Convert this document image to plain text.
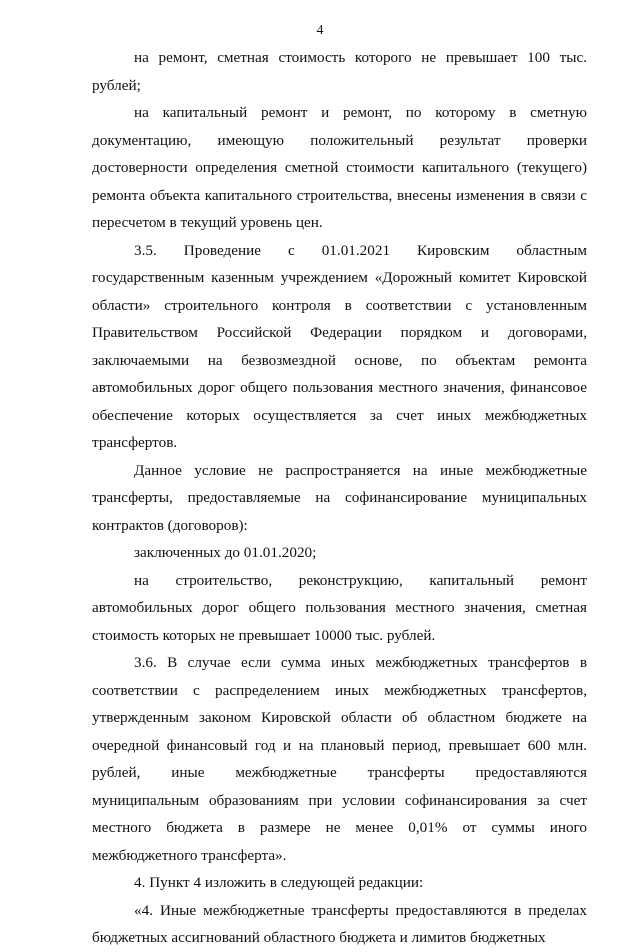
4

на ремонт, сметная стоимость которого не превышает 100 тыс. рублей;

на капитальный ремонт и ремонт, по которому в сметную документацию, имеющую положительный результат проверки достоверности определения сметной стоимости капитального (текущего) ремонта объекта капитального строительства, внесены изменения в связи с пересчетом в текущий уровень цен.

3.5. Проведение с 01.01.2021 Кировским областным государственным казенным учреждением «Дорожный комитет Кировской области» строительного контроля в соответствии с установленным Правительством Российской Федерации порядком и договорами, заключаемыми на безвозмездной основе, по объектам ремонта автомобильных дорог общего пользования местного значения, финансовое обеспечение которых осуществляется за счет иных межбюджетных трансфертов.

Данное условие не распространяется на иные межбюджетные трансферты, предоставляемые на софинансирование муниципальных контрактов (договоров):

заключенных до 01.01.2020;

на строительство, реконструкцию, капитальный ремонт автомобильных дорог общего пользования местного значения, сметная стоимость которых не превышает 10000 тыс. рублей.

3.6. В случае если сумма иных межбюджетных трансфертов в соответствии с распределением иных межбюджетных трансфертов, утвержденным законом Кировской области об областном бюджете на очередной финансовый год и на плановый период, превышает 600 млн. рублей, иные межбюджетные трансферты предоставляются муниципальным образованиям при условии софинансирования за счет местного бюджета в размере не менее 0,01% от суммы иного межбюджетного трансферта».

4. Пункт 4 изложить в следующей редакции:

«4. Иные межбюджетные трансферты предоставляются в пределах бюджетных ассигнований областного бюджета и лимитов бюджетных
